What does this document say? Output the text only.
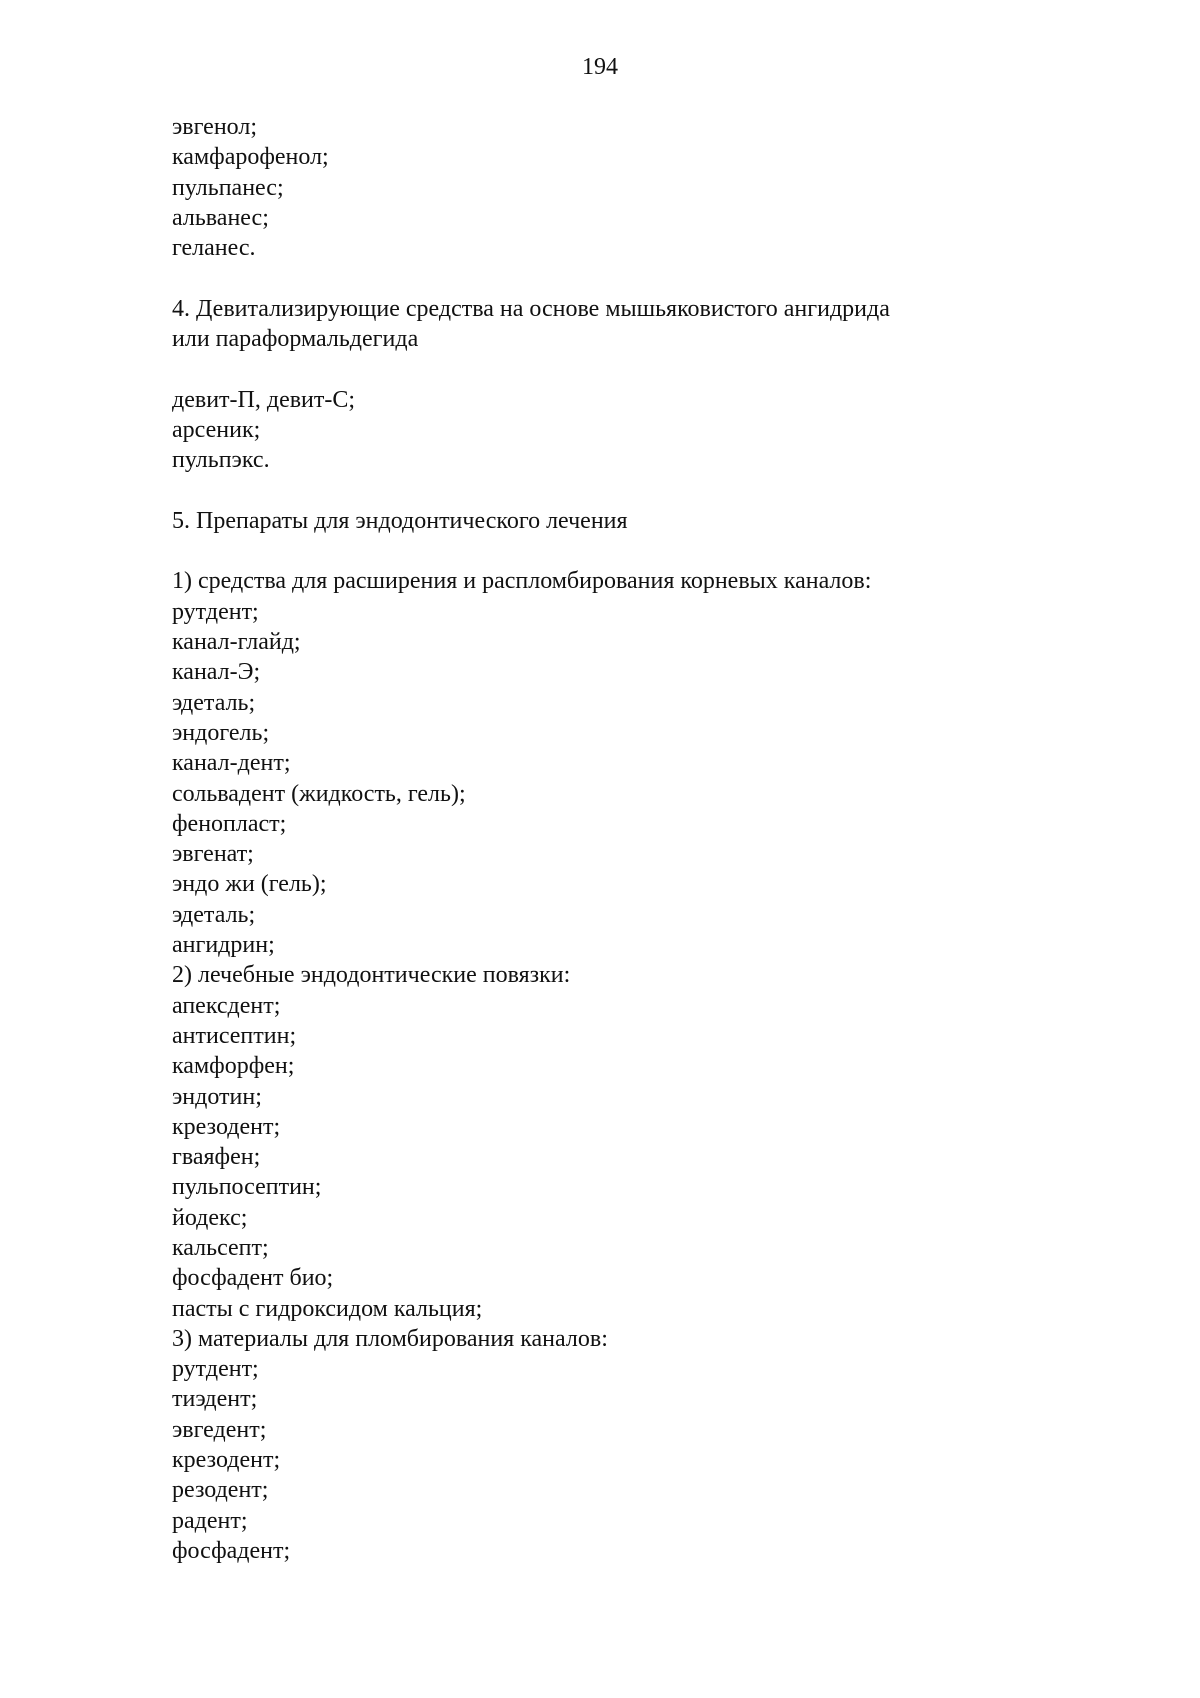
194
эвгенол;
камфарофенол;
пульпанес;
альванес;
геланес.
4. Девитализирующие средства на основе мышьяковистого ангидрида
или параформальдегида
девит-П, девит-С;
арсеник;
пульпэкс.
5. Препараты для эндодонтического лечения
1) средства для расширения и распломбирования корневых каналов:
рутдент;
канал-глайд;
канал-Э;
эдеталь;
эндогель;
канал-дент;
сольвадент (жидкость, гель);
фенопласт;
эвгенат;
эндо жи (гель);
эдеталь;
ангидрин;
2) лечебные эндодонтические повязки:
апексдент;
антисептин;
камфорфен;
эндотин;
крезодент;
гваяфен;
пульпосептин;
йодекс;
кальсепт;
фосфадент био;
пасты с гидроксидом кальция;
3) материалы для пломбирования каналов:
рутдент;
тиэдент;
эвгедент;
крезодент;
резодент;
радент;
фосфадент;
